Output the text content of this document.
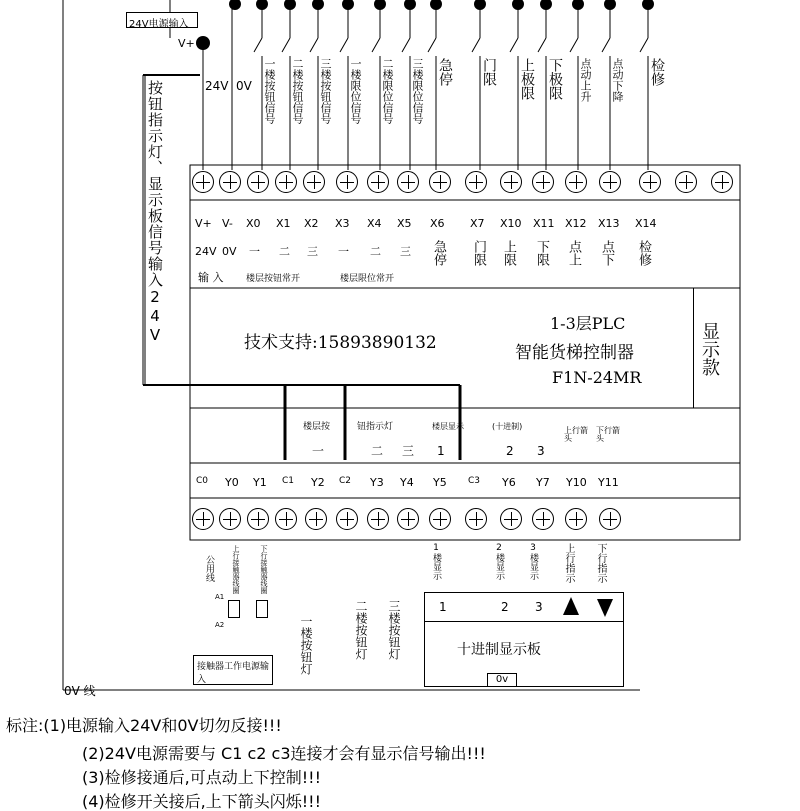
24V电源输入
V+
24V 0V
按钮指示灯、显示板信号输入24V	一楼按钮信号 二楼按钮信号 三楼按钮信号 一楼限位信号 二楼限位信号 三楼限位信号 急停 门限 上极限 下极限 点动上升 点动下降 检修
V+ V- X0 X1 X2 X3 X4 X5 X6 X7 X10 X11 X12 X13 X14
24V 0V 一 二 三 一 二 三 急停 门限 上限 下限 点上 点下 检修
输 入	楼层按钮常开	楼层限位常开
技术支持:15893890132
1-3层PLC
智能货梯控制器
F1N-24MR
显示款
楼层按	钮指示灯	楼层显示	(十进制)	上行箭头
下行箭头
一	二 三 1	2 3
C0 Y0 Y1 C1 Y2 C2 Y3 Y4 Y5 C3 Y6 Y7 Y10 Y11
公用线	上行接触器线圈	下行接触器线圈
A1
A2
接触器工作电源输入
1楼显示	2楼显示	3楼显示	上行指示 下行指示
一楼按钮灯	二楼按钮灯 三楼按钮灯	1	2 3
十进制显示板
0v
0V 线
标注:(1)电源输入24V和0V切勿反接!!!
(2)24V电源需要与 C1 c2 c3连接才会有显示信号输出!!!
(3)检修接通后,可点动上下控制!!!
(4)检修开关接后,上下箭头闪烁!!!
